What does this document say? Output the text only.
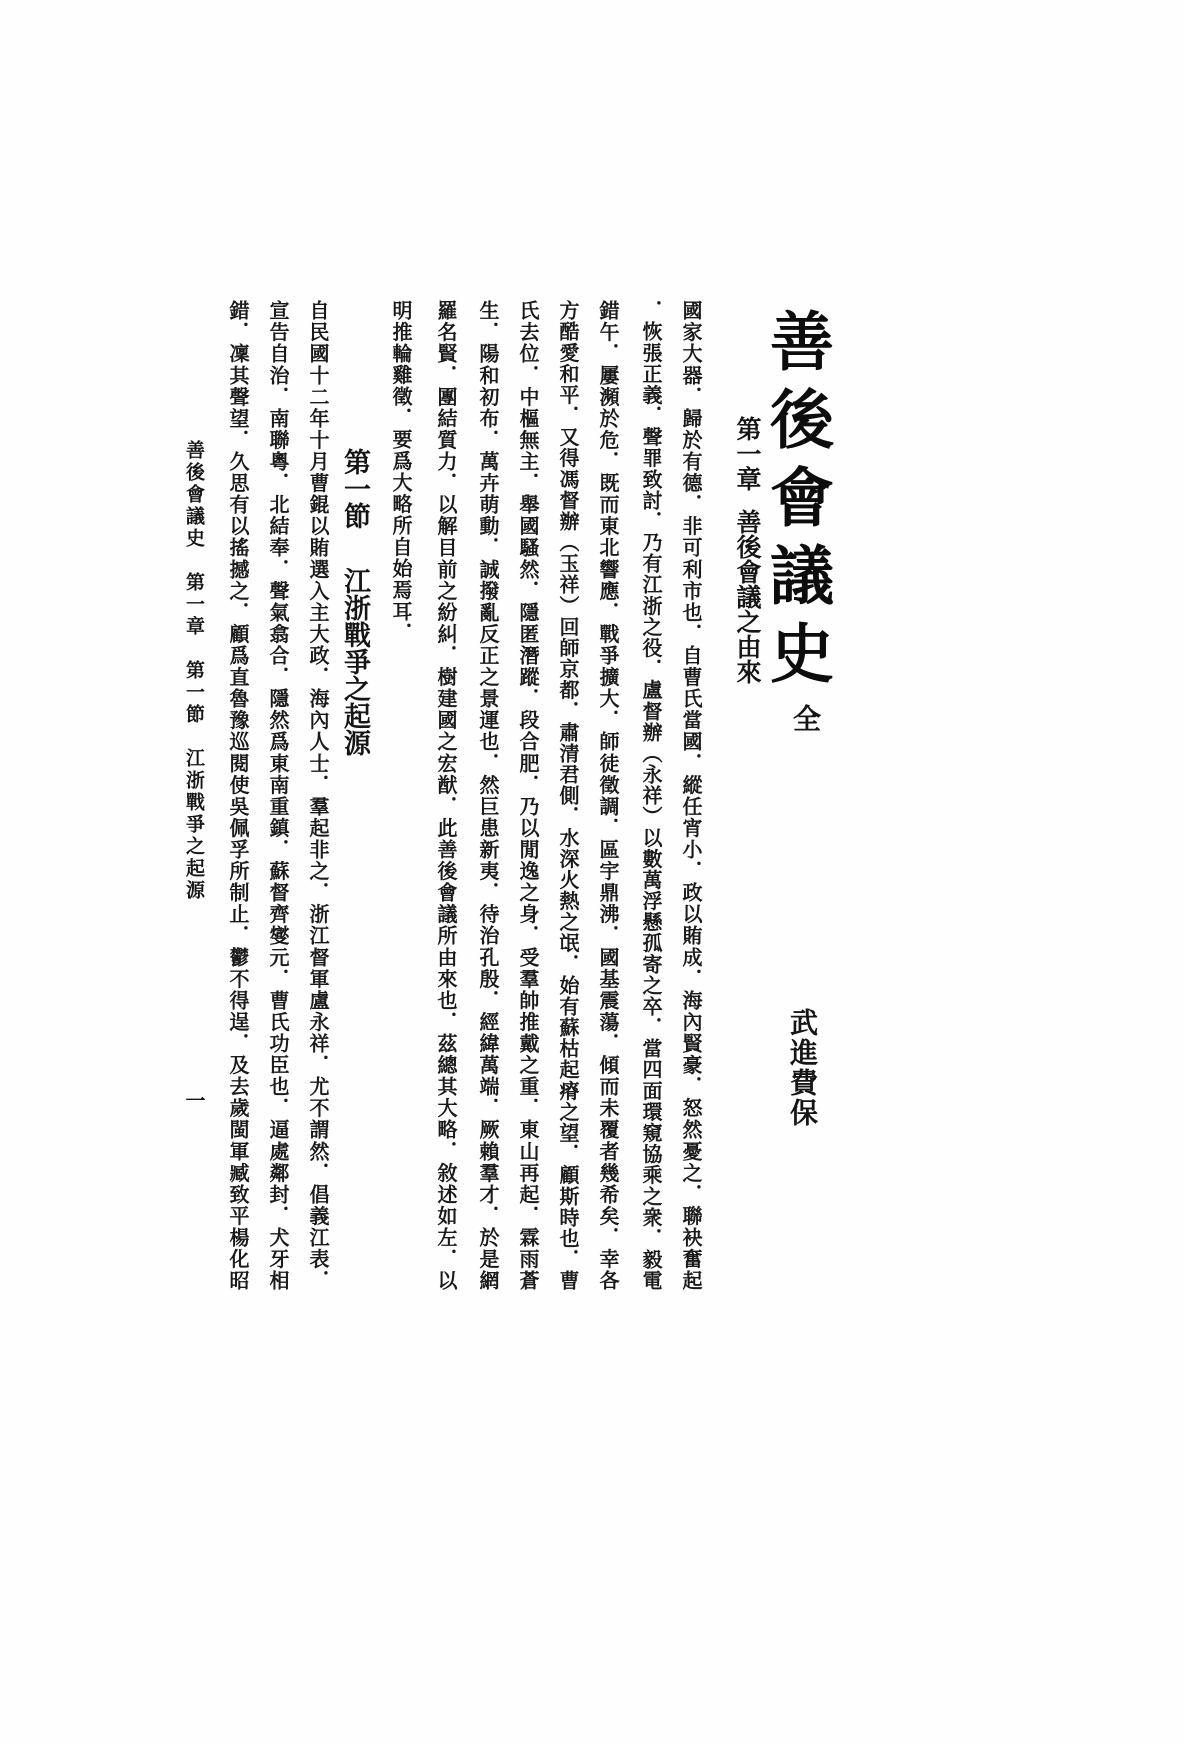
善後會議史
全
武進費保
第一章善後會議之由來
國家大器．歸於有德．非可利市也．自曹氏當國．縱任宵小．政以賄成．海內賢豪．怒然憂之．聯袂奮起
．恢張正義．聲罪致討．乃有江浙之役．盧督辦（永祥）以數萬浮懸孤寄之卒．當四面環窺協乘之衆．毅電
錯午．屢瀕於危．既而東北響應．戰爭擴大．師徒徵調．區宇鼎沸．國基震蕩．傾而未覆者幾希矣．幸各
方酷愛和平．又得馮督辦（玉祥）回師京都．肅清君側．水深火熱之氓．始有蘇枯起瘠之望．顧斯時也．曹
氏去位．中樞無主．舉國騷然．隱匿潛蹤．段合肥．乃以閒逸之身．受羣帥推戴之重．東山再起．霖雨蒼
生．陽和初布．萬卉萌動．誠撥亂反正之景運也．然巨患新夷．待治孔殷．經緯萬端．厥賴羣才．於是網
羅名賢．團結質力．以解目前之紛糾．樹建國之宏猷．此善後會議所由來也．茲總其大略．敘述如左．以
明推輪雞徵．要爲大略所自始焉耳．
第一節江浙戰爭之起源
自民國十二年十月曹錕以賄選入主大政．海內人士．羣起非之．浙江督軍盧永祥．尤不謂然．倡義江表．
宣告自治．南聯粵．北結奉．聲氣翕合．隱然爲東南重鎮．蘇督齊燮元．曹氏功臣也．逼處鄰封．犬牙相
錯．凜其聲望．久思有以搖撼之．顧爲直魯豫巡閱使吳佩孚所制止．鬱不得逞．及去歲閩軍臧致平楊化昭
善後會議史　第一章　第一節　江浙戰爭之起源
一
